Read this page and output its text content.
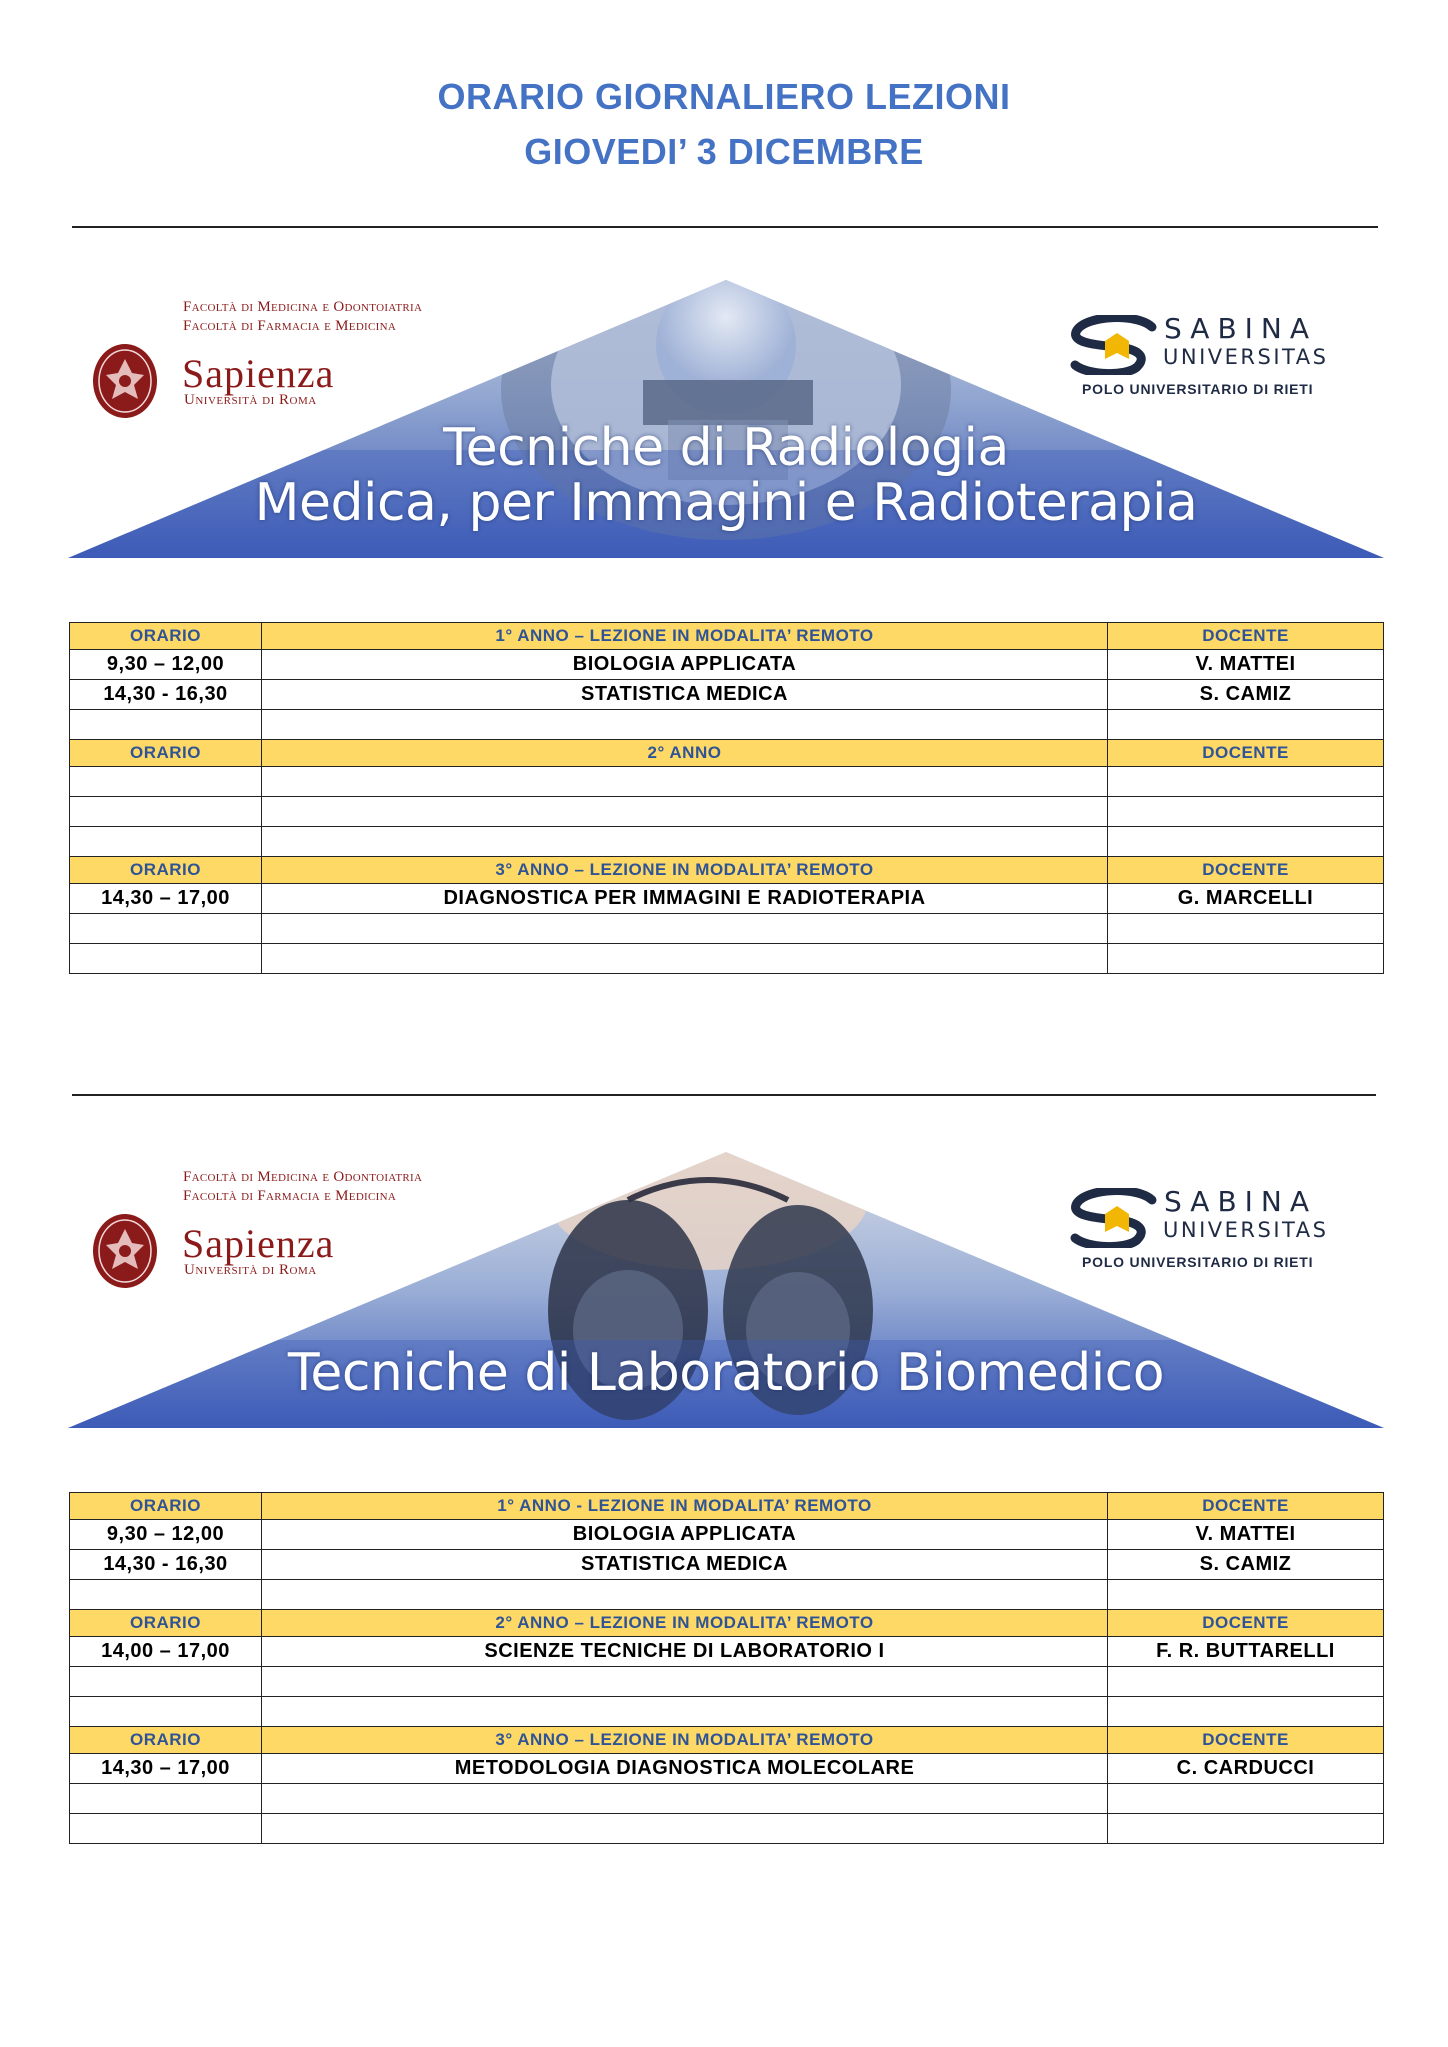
ORARIO GIORNALIERO LEZIONI
GIOVEDI’ 3 DICEMBRE
Facoltà di Medicina e Odontoiatria
Facoltà di Farmacia e Medicina
Sapienza
Università di Roma
SABINA
UNIVERSITAS
POLO UNIVERSITARIO DI RIETI
Tecniche di Radiologia
Medica, per Immagini e Radioterapia
ORARIO	1° ANNO – LEZIONE IN MODALITA’ REMOTO	DOCENTE
9,30 – 12,00	BIOLOGIA APPLICATA	V. MATTEI
14,30 - 16,30	STATISTICA MEDICA	S. CAMIZ

ORARIO	2° ANNO	DOCENTE

ORARIO	3° ANNO – LEZIONE IN MODALITA’ REMOTO	DOCENTE
14,30 – 17,00	DIAGNOSTICA PER IMMAGINI E RADIOTERAPIA	G. MARCELLI

Facoltà di Medicina e Odontoiatria
Facoltà di Farmacia e Medicina
Sapienza
Università di Roma
SABINA
UNIVERSITAS
POLO UNIVERSITARIO DI RIETI
Tecniche di Laboratorio Biomedico
ORARIO	1° ANNO - LEZIONE IN MODALITA’ REMOTO	DOCENTE
9,30 – 12,00	BIOLOGIA APPLICATA	V. MATTEI
14,30 - 16,30	STATISTICA MEDICA	S. CAMIZ

ORARIO	2° ANNO – LEZIONE IN MODALITA’ REMOTO	DOCENTE
14,00 – 17,00	SCIENZE TECNICHE DI LABORATORIO I	F. R. BUTTARELLI

ORARIO	3° ANNO – LEZIONE IN MODALITA’ REMOTO	DOCENTE
14,30 – 17,00	METODOLOGIA DIAGNOSTICA MOLECOLARE	C. CARDUCCI
